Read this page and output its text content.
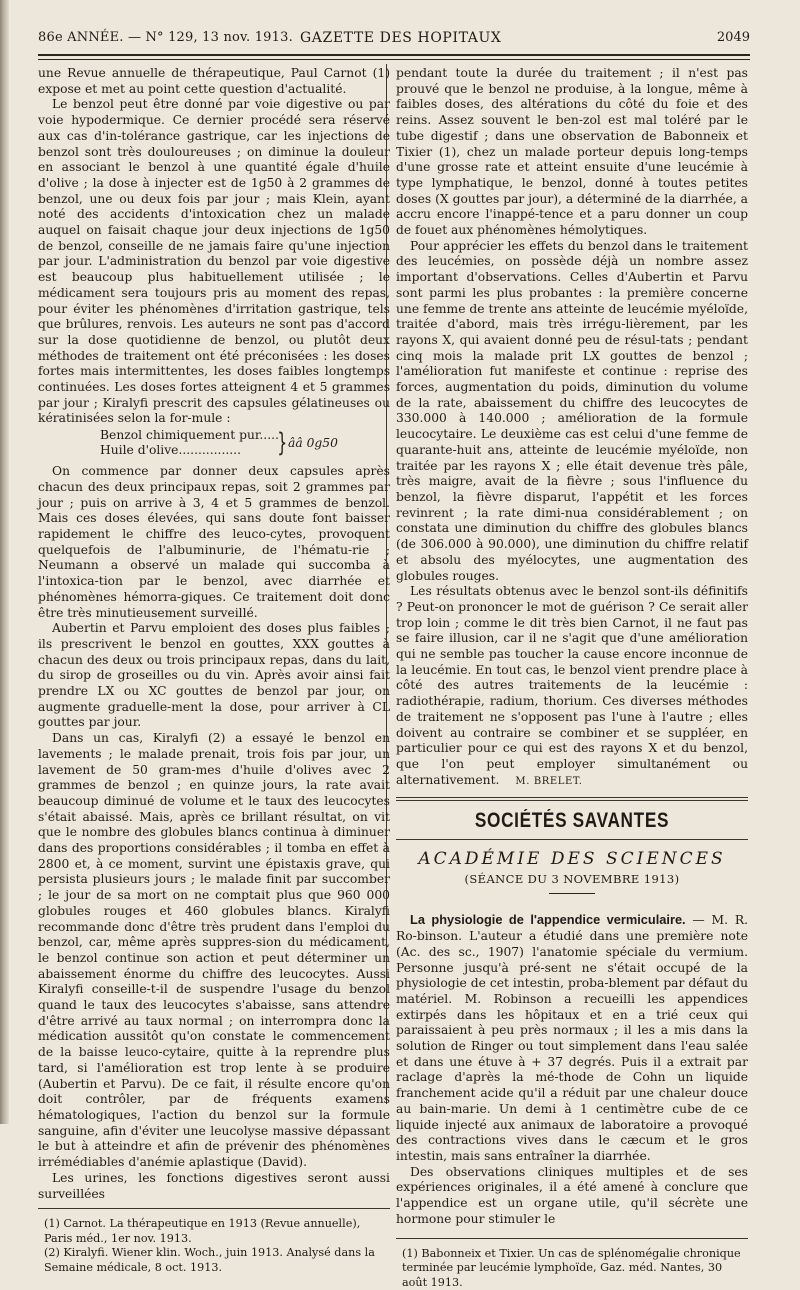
86e ANNÉE. — N° 129, 13 nov. 1913. GAZETTE DES HOPITAUX	2049

une Revue annuelle de thérapeutique, Paul Carnot (1) expose et met au point cette question d'actualité.

Le benzol peut être donné par voie digestive ou par voie hypodermique. Ce dernier procédé sera réservé aux cas d'in-tolérance gastrique, car les injections de benzol sont très douloureuses ; on diminue la douleur en associant le benzol à une quantité égale d'huile d'olive ; la dose à injecter est de 1g50 à 2 grammes de benzol, une ou deux fois par jour ; mais Klein, ayant noté des accidents d'intoxication chez un malade auquel on faisait chaque jour deux injections de 1g50 de benzol, conseille de ne jamais faire qu'une injection par jour. L'administration du benzol par voie digestive est beaucoup plus habituellement utilisée ; le médicament sera toujours pris au moment des repas, pour éviter les phénomènes d'irritation gastrique, tels que brûlures, renvois. Les auteurs ne sont pas d'accord sur la dose quotidienne de benzol, ou plutôt deux méthodes de traitement ont été préconisées : les doses fortes mais intermittentes, les doses faibles longtemps continuées. Les doses fortes atteignent 4 et 5 grammes par jour ; Kiralyfi prescrit des capsules gélatineuses ou kératinisées selon la for-mule :

Benzol chimiquement pur.....
Huile d'olive................ } ââ 0g50

On commence par donner deux capsules après chacun des deux principaux repas, soit 2 grammes par jour ; puis on arrive à 3, 4 et 5 grammes de benzol. Mais ces doses élevées, qui sans doute font baisser rapidement le chiffre des leuco-cytes, provoquent quelquefois de l'albuminurie, de l'hématu-rie ; Neumann a observé un malade qui succomba à l'intoxica-tion par le benzol, avec diarrhée et phénomènes hémorra-giques. Ce traitement doit donc être très minutieusement surveillé.

Aubertin et Parvu emploient des doses plus faibles ; ils prescrivent le benzol en gouttes, XXX gouttes à chacun des deux ou trois principaux repas, dans du lait, du sirop de groseilles ou du vin. Après avoir ainsi fait prendre LX ou XC gouttes de benzol par jour, on augmente graduelle-ment la dose, pour arriver à CL gouttes par jour.

Dans un cas, Kiralyfi (2) a essayé le benzol en lavements ; le malade prenait, trois fois par jour, un lavement de 50 gram-mes d'huile d'olives avec 2 grammes de benzol ; en quinze jours, la rate avait beaucoup diminué de volume et le taux des leucocytes s'était abaissé. Mais, après ce brillant résultat, on vit que le nombre des globules blancs continua à diminuer dans des proportions considérables ; il tomba en effet à 2800 et, à ce moment, survint une épistaxis grave, qui persista plusieurs jours ; le malade finit par succomber ; le jour de sa mort on ne comptait plus que 960 000 globules rouges et 460 globules blancs. Kiralyfi recommande donc d'être très prudent dans l'emploi du benzol, car, même après suppres-sion du médicament, le benzol continue son action et peut déterminer un abaissement énorme du chiffre des leucocytes. Aussi Kiralyfi conseille-t-il de suspendre l'usage du benzol quand le taux des leucocytes s'abaisse, sans attendre d'être arrivé au taux normal ; on interrompra donc la médication aussitôt qu'on constate le commencement de la baisse leuco-cytaire, quitte à la reprendre plus tard, si l'amélioration est trop lente à se produire (Aubertin et Parvu). De ce fait, il résulte encore qu'on doit contrôler, par de fréquents examens hématologiques, l'action du benzol sur la formule sanguine, afin d'éviter une leucolyse massive dépassant le but à atteindre et afin de prévenir des phénomènes irrémédiables d'anémie aplastique (David).

Les urines, les fonctions digestives seront aussi surveillées

(1) Carnot. La thérapeutique en 1913 (Revue annuelle), Paris méd., 1er nov. 1913.

(2) Kiralyfi. Wiener klin. Woch., juin 1913. Analysé dans la Semaine médicale, 8 oct. 1913.

pendant toute la durée du traitement ; il n'est pas prouvé que le benzol ne produise, à la longue, même à faibles doses, des altérations du côté du foie et des reins. Assez souvent le ben-zol est mal toléré par le tube digestif ; dans une observation de Babonneix et Tixier (1), chez un malade porteur depuis long-temps d'une grosse rate et atteint ensuite d'une leucémie à type lymphatique, le benzol, donné à toutes petites doses (X gouttes par jour), a déterminé de la diarrhée, a accru encore l'inappé-tence et a paru donner un coup de fouet aux phénomènes hémolytiques.

Pour apprécier les effets du benzol dans le traitement des leucémies, on possède déjà un nombre assez important d'observations. Celles d'Aubertin et Parvu sont parmi les plus probantes : la première concerne une femme de trente ans atteinte de leucémie myéloïde, traitée d'abord, mais très irrégu-lièrement, par les rayons X, qui avaient donné peu de résul-tats ; pendant cinq mois la malade prit LX gouttes de benzol ; l'amélioration fut manifeste et continue : reprise des forces, augmentation du poids, diminution du volume de la rate, abaissement du chiffre des leucocytes de 330.000 à 140.000 ; amélioration de la formule leucocytaire. Le deuxième cas est celui d'une femme de quarante-huit ans, atteinte de leucémie myéloïde, non traitée par les rayons X ; elle était devenue très pâle, très maigre, avait de la fièvre ; sous l'influence du benzol, la fièvre disparut, l'appétit et les forces revinrent ; la rate dimi-nua considérablement ; on constata une diminution du chiffre des globules blancs (de 306.000 à 90.000), une diminution du chiffre relatif et absolu des myélocytes, une augmentation des globules rouges.

Les résultats obtenus avec le benzol sont-ils définitifs ? Peut-on prononcer le mot de guérison ? Ce serait aller trop loin ; comme le dit très bien Carnot, il ne faut pas se faire illusion, car il ne s'agit que d'une amélioration qui ne semble pas toucher la cause encore inconnue de la leucémie. En tout cas, le benzol vient prendre place à côté des autres traitements de la leucémie : radiothérapie, radium, thorium. Ces diverses méthodes de traitement ne s'opposent pas l'une à l'autre ; elles doivent au contraire se combiner et se suppléer, en particulier pour ce qui est des rayons X et du benzol, que l'on peut employer simultanément ou alternativement. M. BRELET.

SOCIÉTÉS SAVANTES
ACADÉMIE DES SCIENCES
(SÉANCE DU 3 NOVEMBRE 1913)

La physiologie de l'appendice vermiculaire. — M. R. Ro-binson. L'auteur a étudié dans une première note (Ac. des sc., 1907) l'anatomie spéciale du vermium. Personne jusqu'à pré-sent ne s'était occupé de la physiologie de cet intestin, proba-blement par défaut du matériel. M. Robinson a recueilli les appendices extirpés dans les hôpitaux et en a trié ceux qui paraissaient à peu près normaux ; il les a mis dans la solution de Ringer ou tout simplement dans l'eau salée et dans une étuve à + 37 degrés. Puis il a extrait par raclage d'après la mé-thode de Cohn un liquide franchement acide qu'il a réduit par une chaleur douce au bain-marie. Un demi à 1 centimètre cube de ce liquide injecté aux animaux de laboratoire a provoqué des contractions vives dans le cæcum et le gros intestin, mais sans entraîner la diarrhée.

Des observations cliniques multiples et de ses expériences originales, il a été amené à conclure que l'appendice est un organe utile, qu'il sécrète une hormone pour stimuler le

(1) Babonneix et Tixier. Un cas de splénomégalie chronique terminée par leucémie lymphoïde, Gaz. méd. Nantes, 30 août 1913.
